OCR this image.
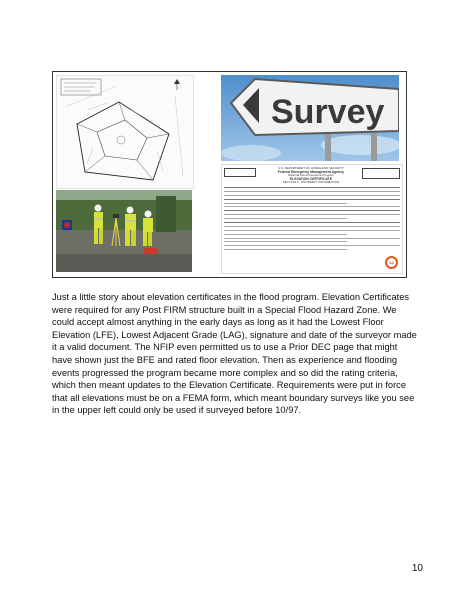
Survey
U.S. DEPARTMENT OF HOMELAND SECURITY
Federal Emergency Management Agency
National Flood Insurance Program
ELEVATION CERTIFICATE
SECTION A - PROPERTY INFORMATION
10

Just a little story about elevation certificates in the flood program. Elevation Certificates were required for any Post FIRM structure built in a Special Flood Hazard Zone. We could accept almost anything in the early days as long as it had the Lowest Floor Elevation (LFE), Lowest Adjacent Grade (LAG), signature and date of the surveyor made it a valid document. The NFIP even permitted us to use a Prior DEC page that might have shown just the BFE and rated floor elevation. Then as experience and flooding events progressed the program became more complex and so did the rating criteria, which then meant updates to the Elevation Certificate. Requirements were put in force that all elevations must be on a FEMA form, which meant boundary surveys like you see in the upper left could only be used if surveyed before 10/97.

10
